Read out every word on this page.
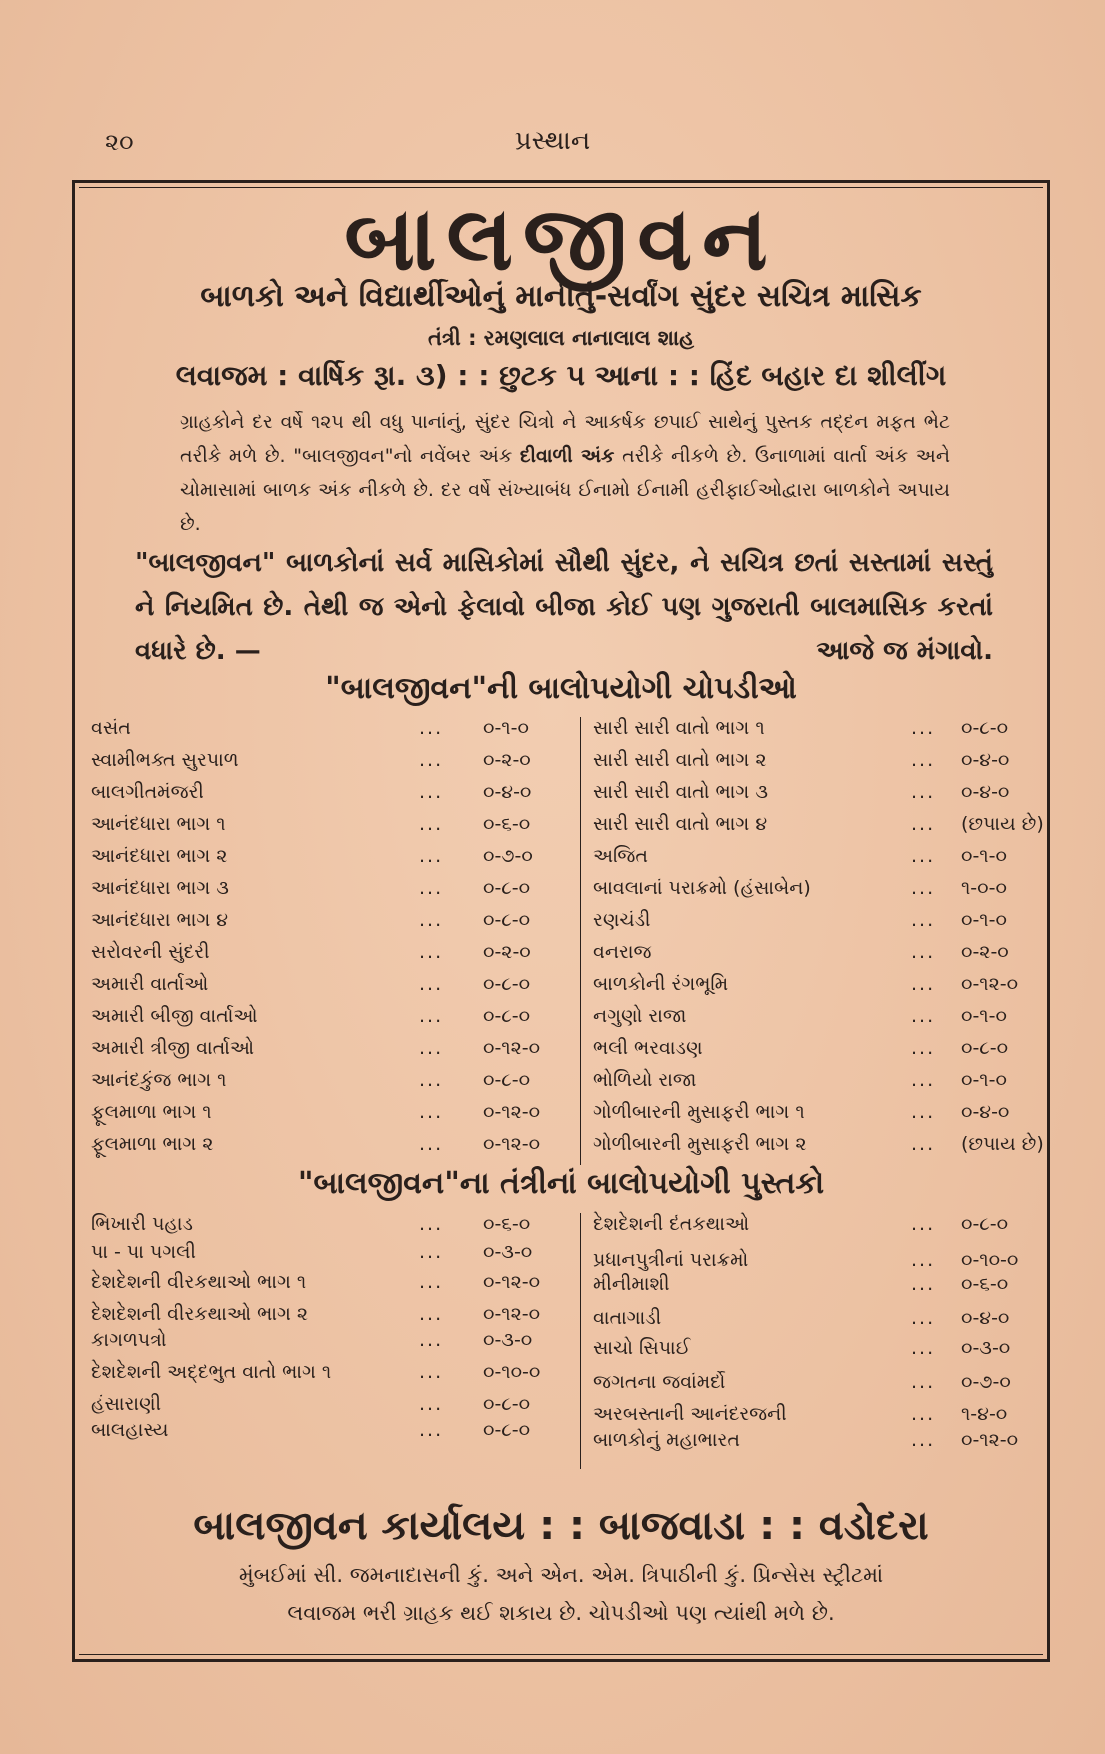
૨૦	પ્રસ્થાન
બાલજીવન
બાળકો અને વિદ્યાર્થીઓનું માનીતું-સર્વાંગ સુંદર સચિત્ર માસિક
તંત્રી : રમણલાલ નાનાલાલ શાહ
લવાજમ : વાર્ષિક રૂા. ૩) : : છુટક ૫ આના : : હિંદ બહાર દા શીલીંગ
ગ્રાહકોને દર વર્ષે ૧૨૫ થી વધુ પાનાંનું, સુંદર ચિત્રો ને આકર્ષક છપાઈ સાથેનું પુસ્તક તદ્દન મફત ભેટ તરીકે મળે છે. "બાલજીવન"નો નવેંબર અંક દીવાળી અંક તરીકે નીકળે છે. ઉનાળામાં વાર્તા અંક અને ચોમાસામાં બાળક અંક નીકળે છે. દર વર્ષે સંખ્યાબંધ ઈનામો ઈનામી હરીફાઈઓદ્વારા બાળકોને અપાય છે.
"બાલજીવન" બાળકોનાં સર્વ માસિકોમાં સૌથી સુંદર, ને સચિત્ર છતાં સસ્તામાં સસ્તું ને નિયમિત છે. તેથી જ એનો ફેલાવો બીજા કોઈ પણ ગુજરાતી બાલમાસિક કરતાં વધારે છે. —	આજે જ મંગાવો.
"બાલજીવન"ની બાલોપયોગી ચોપડીઓ
વસંત	... ૦-૧-૦
સ્વામીભક્ત સુરપાળ	... ૦-૨-૦
બાલગીતમંજરી	... ૦-૪-૦
આનંદધારા ભાગ ૧	... ૦-૬-૦
આનંદધારા ભાગ ૨	... ૦-૭-૦
આનંદધારા ભાગ ૩	... ૦-૮-૦
આનંદધારા ભાગ ૪	... ૦-૮-૦
સરોવરની સુંદરી	... ૦-૨-૦
અમારી વાર્તાઓ	... ૦-૮-૦
અમારી બીજી વાર્તાઓ	... ૦-૮-૦
અમારી ત્રીજી વાર્તાઓ	... ૦-૧૨-૦
આનંદકુંજ ભાગ ૧	... ૦-૮-૦
ફૂલમાળા ભાગ ૧	... ૦-૧૨-૦
ફૂલમાળા ભાગ ૨	... ૦-૧૨-૦
સારી સારી વાતો ભાગ ૧	... ૦-૮-૦
સારી સારી વાતો ભાગ ૨	... ૦-૪-૦
સારી સારી વાતો ભાગ ૩	... ૦-૪-૦
સારી સારી વાતો ભાગ ૪	... (છપાય છે)
અજિત	... ૦-૧-૦
બાવલાનાં પરાક્રમો (હંસાબેન)	... ૧-૦-૦
રણચંડી	... ૦-૧-૦
વનરાજ	... ૦-૨-૦
બાળકોની રંગભૂમિ	... ૦-૧૨-૦
નગુણો રાજા	... ૦-૧-૦
ભલી ભરવાડણ	... ૦-૮-૦
ભોળિયો રાજા	... ૦-૧-૦
ગોળીબારની મુસાફરી ભાગ ૧	... ૦-૪-૦
ગોળીબારની મુસાફરી ભાગ ૨	... (છપાય છે)
"બાલજીવન"ના તંત્રીનાં બાલોપયોગી પુસ્તકો
ભિખારી પહાડ	... ૦-૬-૦
પા - પા પગલી	... ૦-૩-૦
દેશદેશની વીરકથાઓ ભાગ ૧	... ૦-૧૨-૦
દેશદેશની વીરકથાઓ ભાગ ૨	... ૦-૧૨-૦
કાગળપત્રો	... ૦-૩-૦
દેશદેશની અદ્દભુત વાતો ભાગ ૧	... ૦-૧૦-૦
હંસારાણી	... ૦-૮-૦
બાલહાસ્ય	... ૦-૮-૦
દેશદેશની દંતકથાઓ	... ૦-૮-૦
પ્રધાનપુત્રીનાં પરાક્રમો	... ૦-૧૦-૦
મીનીમાશી	... ૦-૬-૦
વાતાગાડી	... ૦-૪-૦
સાચો સિપાઈ	... ૦-૩-૦
જગતના જવાંમર્દો	... ૦-૭-૦
અરબસ્તાની આનંદરજની	... ૧-૪-૦
બાળકોનું મહાભારત	... ૦-૧૨-૦
બાલજીવન કાર્યાલય : : બાજવાડા : : વડોદરા
મુંબઈમાં સી. જમનાદાસની કું. અને એન. એમ. ત્રિપાઠીની કું. પ્રિન્સેસ સ્ટ્રીટમાં
લવાજમ ભરી ગ્રાહક થઈ શકાય છે. ચોપડીઓ પણ ત્યાંથી મળે છે.
